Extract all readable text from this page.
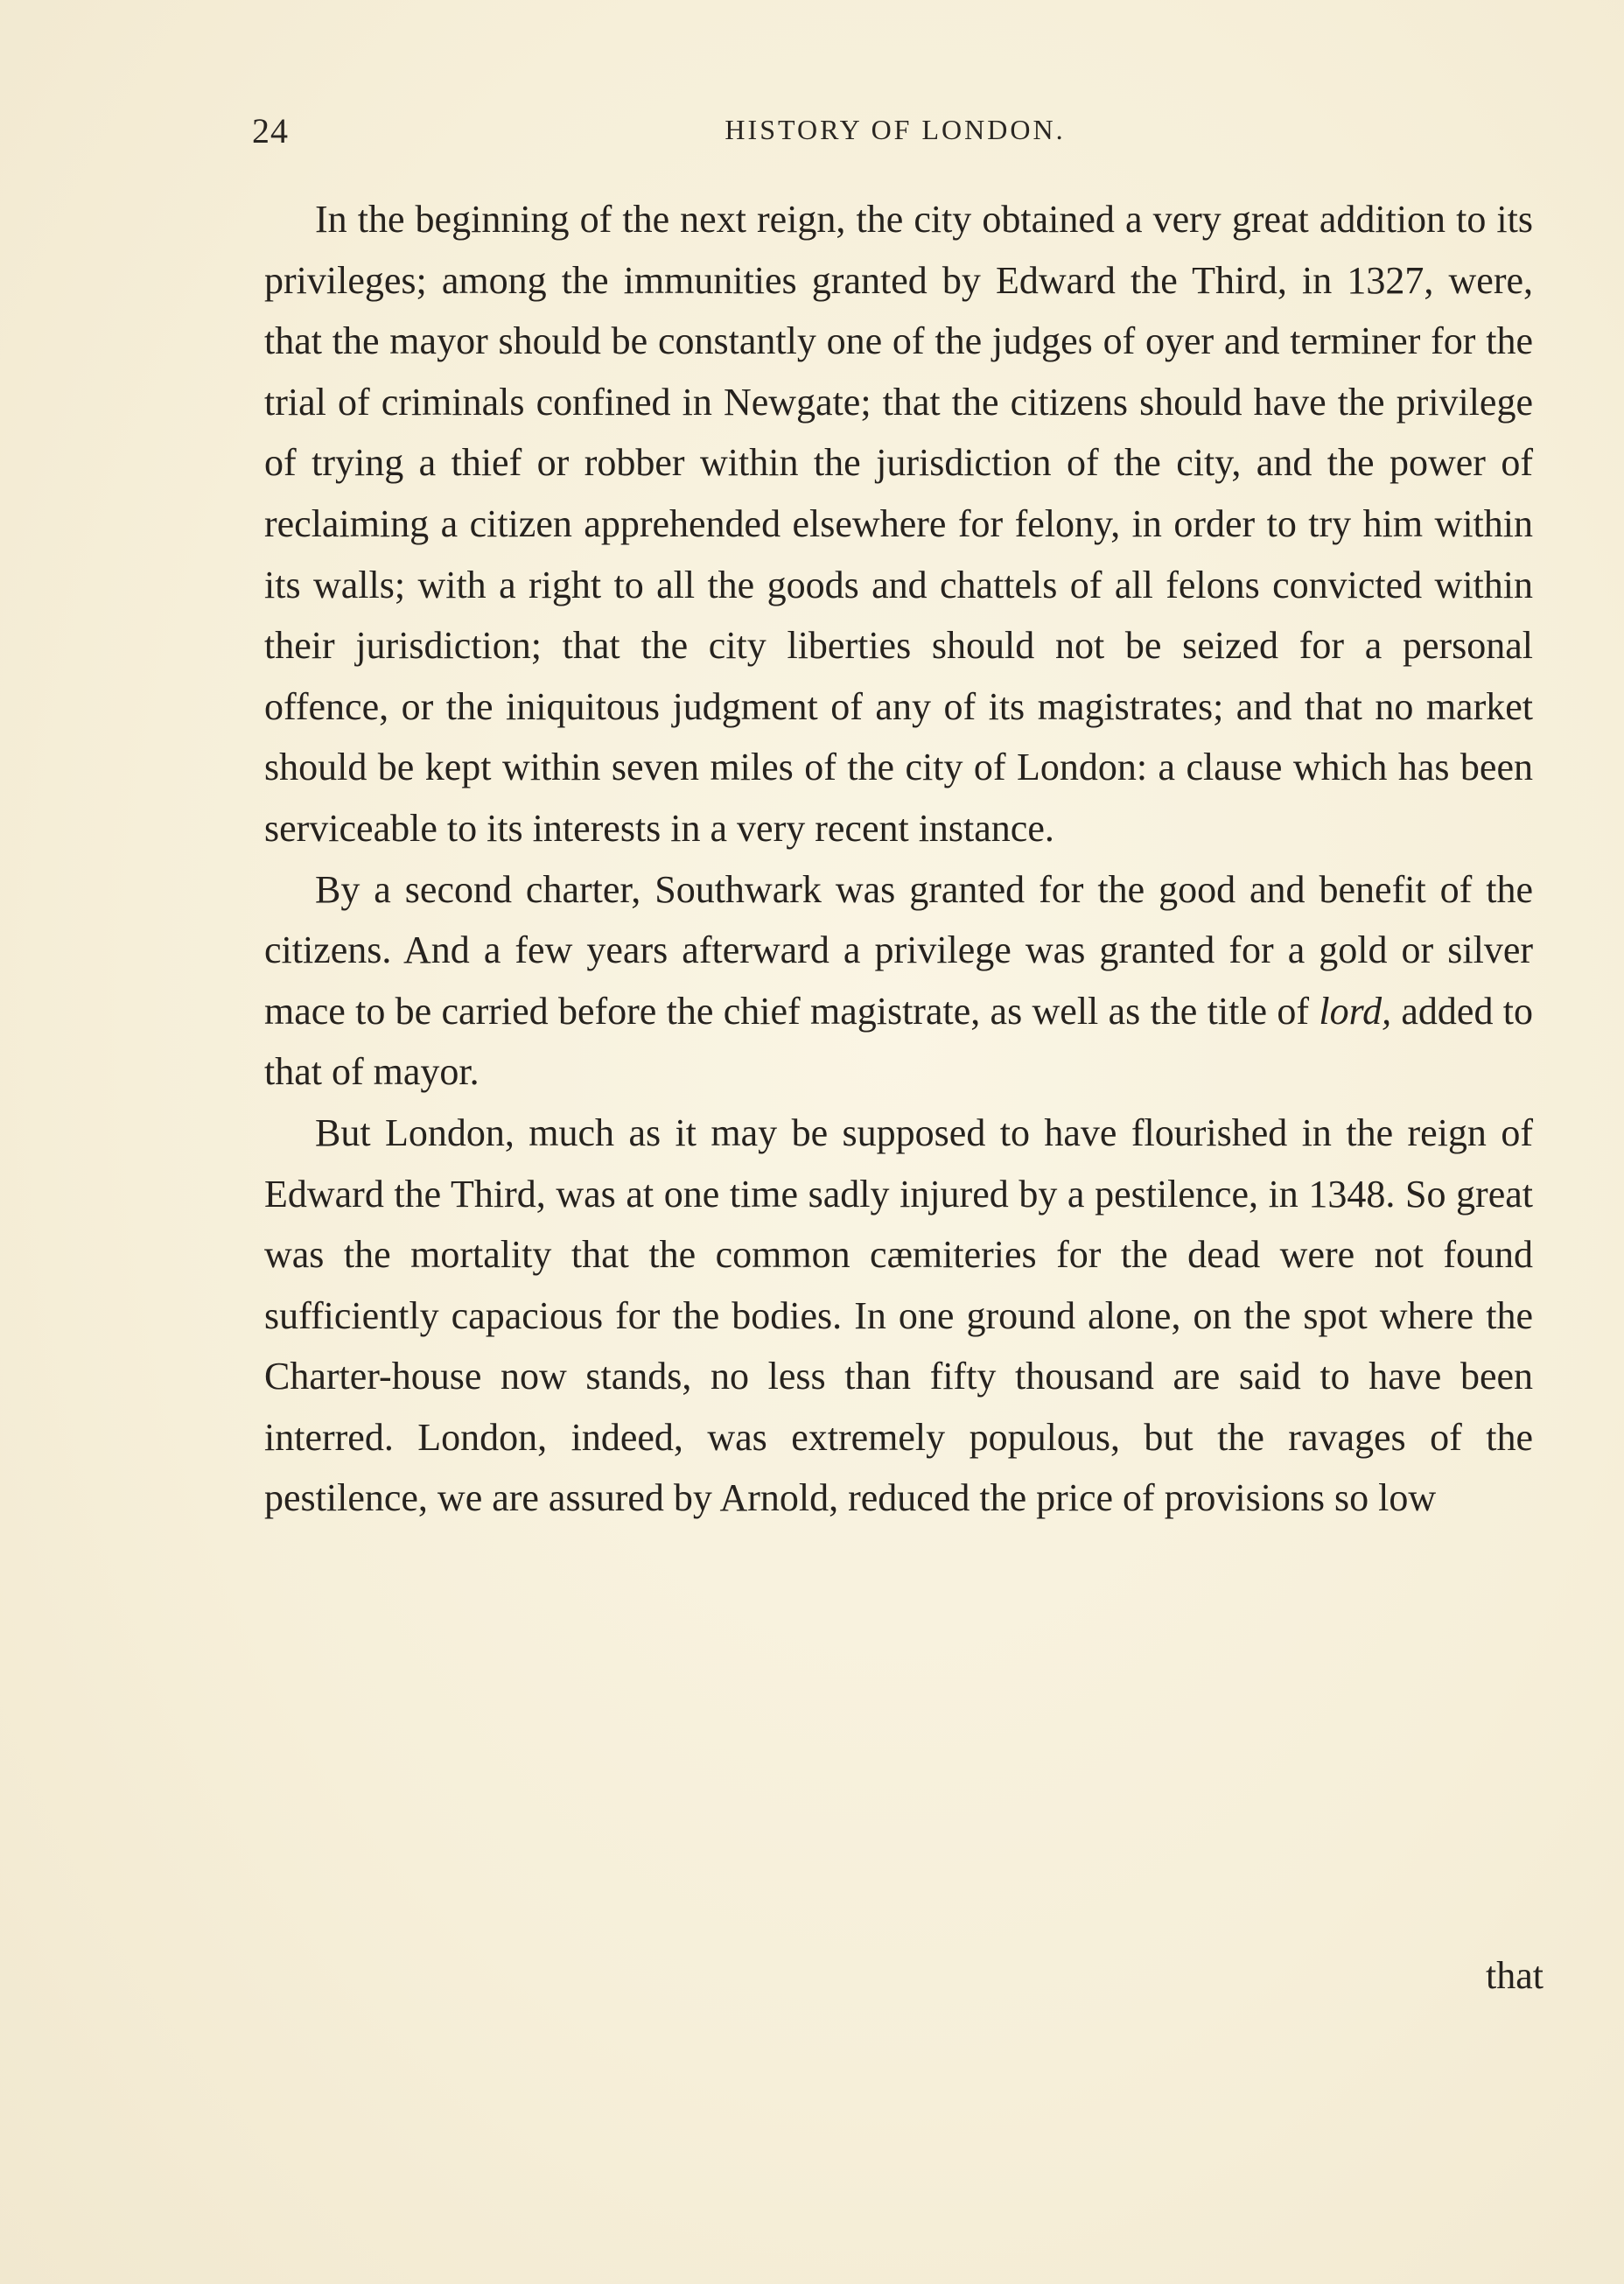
24	HISTORY OF LONDON.

In the beginning of the next reign, the city obtained a very great addition to its privileges; among the immunities granted by Edward the Third, in 1327, were, that the mayor should be constantly one of the judges of oyer and terminer for the trial of criminals confined in Newgate; that the citizens should have the privilege of trying a thief or robber within the jurisdiction of the city, and the power of reclaiming a citizen apprehended elsewhere for felony, in order to try him within its walls; with a right to all the goods and chattels of all felons convicted within their jurisdiction; that the city liberties should not be seized for a personal offence, or the iniquitous judgment of any of its magistrates; and that no market should be kept within seven miles of the city of London: a clause which has been serviceable to its interests in a very recent instance.

By a second charter, Southwark was granted for the good and benefit of the citizens. And a few years afterward a privilege was granted for a gold or silver mace to be carried before the chief magistrate, as well as the title of lord, added to that of mayor.

But London, much as it may be supposed to have flourished in the reign of Edward the Third, was at one time sadly injured by a pestilence, in 1348. So great was the mortality that the common cæmiteries for the dead were not found sufficiently capacious for the bodies. In one ground alone, on the spot where the Charter-house now stands, no less than fifty thousand are said to have been interred. London, indeed, was extremely populous, but the ravages of the pestilence, we are assured by Arnold, reduced the price of provisions so low

that
